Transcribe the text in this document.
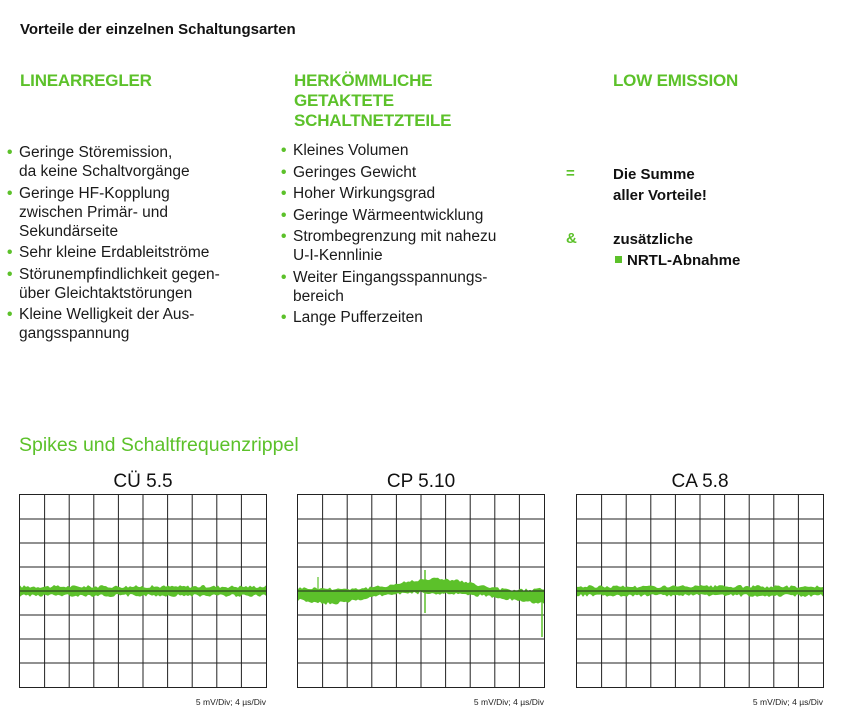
Vorteile der einzelnen Schaltungsarten
LINEARREGLER
• Geringe Störemission,
da keine Schaltvorgänge
• Geringe HF-Kopplung
zwischen Primär- und
Sekundärseite
• Sehr kleine Erdableitströme
• Störunempfindlichkeit gegen-
über Gleichtaktstörungen
• Kleine Welligkeit der Aus-
gangsspannung
HERKÖMMLICHE
GETAKTETE
SCHALTNETZTEILE
• Kleines Volumen
• Geringes Gewicht
• Hoher Wirkungsgrad
• Geringe Wärmeentwicklung
• Strombegrenzung mit nahezu
U-I-Kennlinie
• Weiter Eingangsspannungs-
bereich
• Lange Pufferzeiten
LOW EMISSION
=	Die Summe
aller Vorteile!
& zusätzliche
NRTL-Abnahme
Spikes und Schaltfrequenzrippel
CÜ 5.5
5 mV/Div; 4 µs/Div
CP 5.10
5 mV/Div; 4 µs/Div
CA 5.8
5 mV/Div; 4 µs/Div
